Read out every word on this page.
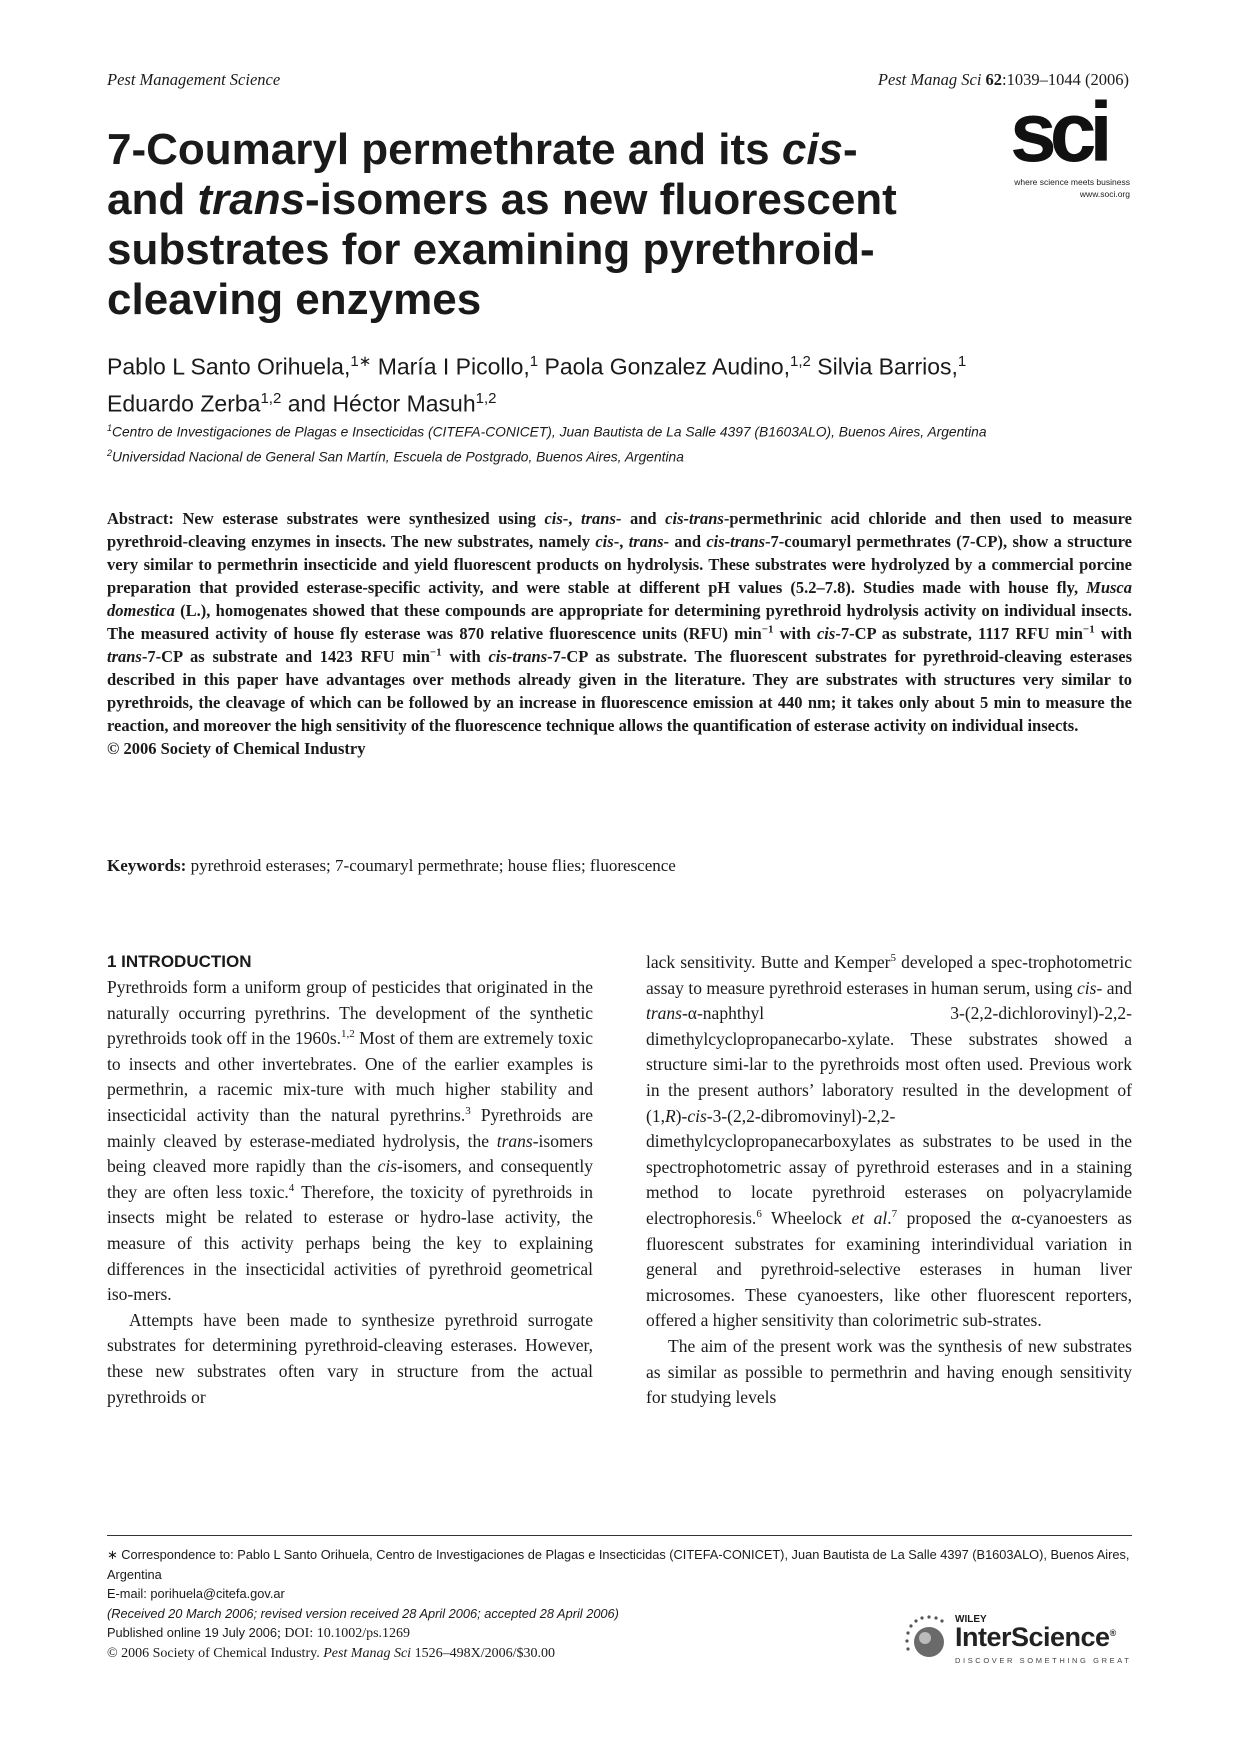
Pest Management Science	Pest Manag Sci 62:1039–1044 (2006)
sci
where science meets business
www.soci.org
7-Coumaryl permethrate and its cis-
and trans-isomers as new fluorescent
substrates for examining pyrethroid-
cleaving enzymes
Pablo L Santo Orihuela,$^{1∗}$ María I Picollo,$^1$ Paola Gonzalez Audino,$^{1,2}$ Silvia Barrios,$^1$
Eduardo Zerba$^{1,2}$ and Héctor Masuh$^{1,2}$
$^1$Centro de Investigaciones de Plagas e Insecticidas (CITEFA-CONICET), Juan Bautista de La Salle 4397 (B1603ALO), Buenos Aires, Argentina
$^2$Universidad Nacional de General San Martín, Escuela de Postgrado, Buenos Aires, Argentina

Abstract: New esterase substrates were synthesized using cis-, trans- and cis-trans-permethrinic acid chloride and then used to measure pyrethroid-cleaving enzymes in insects. The new substrates, namely cis-, trans- and cis-trans-7-coumaryl permethrates (7-CP), show a structure very similar to permethrin insecticide and yield fluorescent products on hydrolysis. These substrates were hydrolyzed by a commercial porcine preparation that provided esterase-specific activity, and were stable at different pH values (5.2–7.8). Studies made with house fly, Musca domestica (L.), homogenates showed that these compounds are appropriate for determining pyrethroid hydrolysis activity on individual insects. The measured activity of house fly esterase was 870 relative fluorescence units (RFU) $\min^{-1}$ with cis-7-CP as substrate, 1117 RFU $\min^{-1}$ with trans-7-CP as substrate and 1423 RFU $\min^{-1}$ with cis-trans-7-CP as substrate. The fluorescent substrates for pyrethroid-cleaving esterases described in this paper have advantages over methods already given in the literature. They are substrates with structures very similar to pyrethroids, the cleavage of which can be followed by an increase in fluorescence emission at 440 nm; it takes only about 5 min to measure the reaction, and moreover the high sensitivity of the fluorescence technique allows the quantification of esterase activity on individual insects.

© 2006 Society of Chemical Industry

Keywords: pyrethroid esterases; 7-coumaryl permethrate; house flies; fluorescence
1 INTRODUCTION

Pyrethroids form a uniform group of pesticides that originated in the naturally occurring pyrethrins. The development of the synthetic pyrethroids took off in the 1960s.$^{1,2}$ Most of them are extremely toxic to insects and other invertebrates. One of the earlier examples is permethrin, a racemic mix-ture with much higher stability and insecticidal activity than the natural pyrethrins.$^3$ Pyrethroids are mainly cleaved by esterase-mediated hydrolysis, the trans-isomers being cleaved more rapidly than the cis-isomers, and consequently they are often less toxic.$^4$ Therefore, the toxicity of pyrethroids in insects might be related to esterase or hydro-lase activity, the measure of this activity perhaps being the key to explaining differences in the insecticidal activities of pyrethroid geometrical iso-mers.

Attempts have been made to synthesize pyrethroid surrogate substrates for determining pyrethroid-cleaving esterases. However, these new substrates often vary in structure from the actual pyrethroids or

lack sensitivity. Butte and Kemper$^5$ developed a spec-trophotometric assay to measure pyrethroid esterases in human serum, using cis- and trans-α-naphthyl 3-(2,2-dichlorovinyl)-2,2-dimethylcyclopropanecarbo-xylate. These substrates showed a structure simi-lar to the pyrethroids most often used. Previous work in the present authors’ laboratory resulted in the development of (1,R)-cis-3-(2,2-dibromovinyl)-2,2-dimethylcyclopropanecarboxylates as substrates to be used in the spectrophotometric assay of pyrethroid esterases and in a staining method to locate pyrethroid esterases on polyacrylamide electrophoresis.$^6$ Wheelock et al.$^7$ proposed the α-cyanoesters as fluorescent substrates for examining interindividual variation in general and pyrethroid-selective esterases in human liver microsomes. These cyanoesters, like other fluorescent reporters, offered a higher sensitivity than colorimetric sub-strates.

The aim of the present work was the synthesis of new substrates as similar as possible to permethrin and having enough sensitivity for studying levels

∗ Correspondence to: Pablo L Santo Orihuela, Centro de Investigaciones de Plagas e Insecticidas (CITEFA-CONICET), Juan Bautista de La Salle 4397 (B1603ALO), Buenos Aires, Argentina

E-mail: porihuela@citefa.gov.ar

(Received 20 March 2006; revised version received 28 April 2006; accepted 28 April 2006)

Published online 19 July 2006; DOI: 10.1002/ps.1269

© 2006 Society of Chemical Industry. Pest Manag Sci 1526–498X/2006/$30.00
WILEY
InterScience®
DISCOVER SOMETHING GREAT
